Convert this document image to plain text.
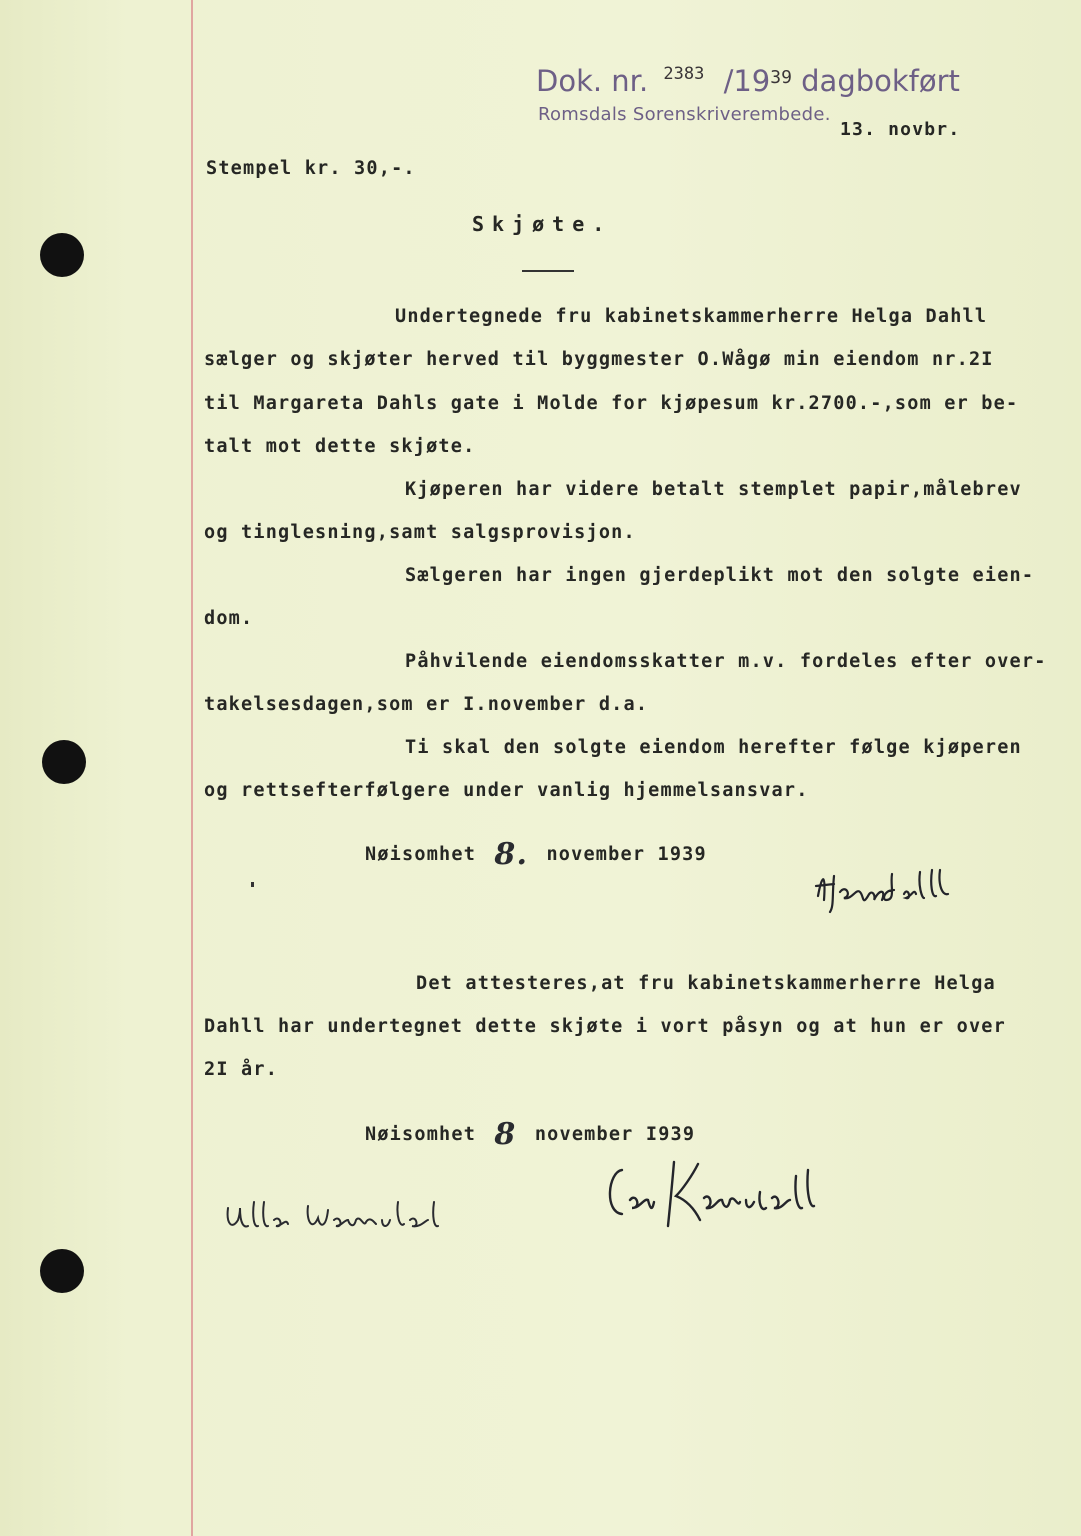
Dok. nr. $^{2383}$ $/19^{39}$ dagbokført
Romsdals Sorenskriverembede.
13. novbr.
Stempel kr. 30,-.
Skjøte.
Undertegnede fru kabinetskammerherre Helga Dahll
sælger og skjøter herved til byggmester O.Wågø min eiendom nr.2I
til Margareta Dahls gate i Molde for kjøpesum kr.2700.-,som er be-
talt mot dette skjøte.
Kjøperen har videre betalt stemplet papir,målebrev
og tinglesning,samt salgsprovisjon.
Sælgeren har ingen gjerdeplikt mot den solgte eien-
dom.
Påhvilende eiendomsskatter m.v. fordeles efter over-
takelsesdagen,som er I.november d.a.
Ti skal den solgte eiendom herefter følge kjøperen
og rettsefterfølgere under vanlig hjemmelsansvar.
Nøisomhet 8. november 1939
Det attesteres,at fru kabinetskammerherre Helga
Dahll har undertegnet dette skjøte i vort påsyn og at hun er over
2I år.
Nøisomhet 8 november I939
